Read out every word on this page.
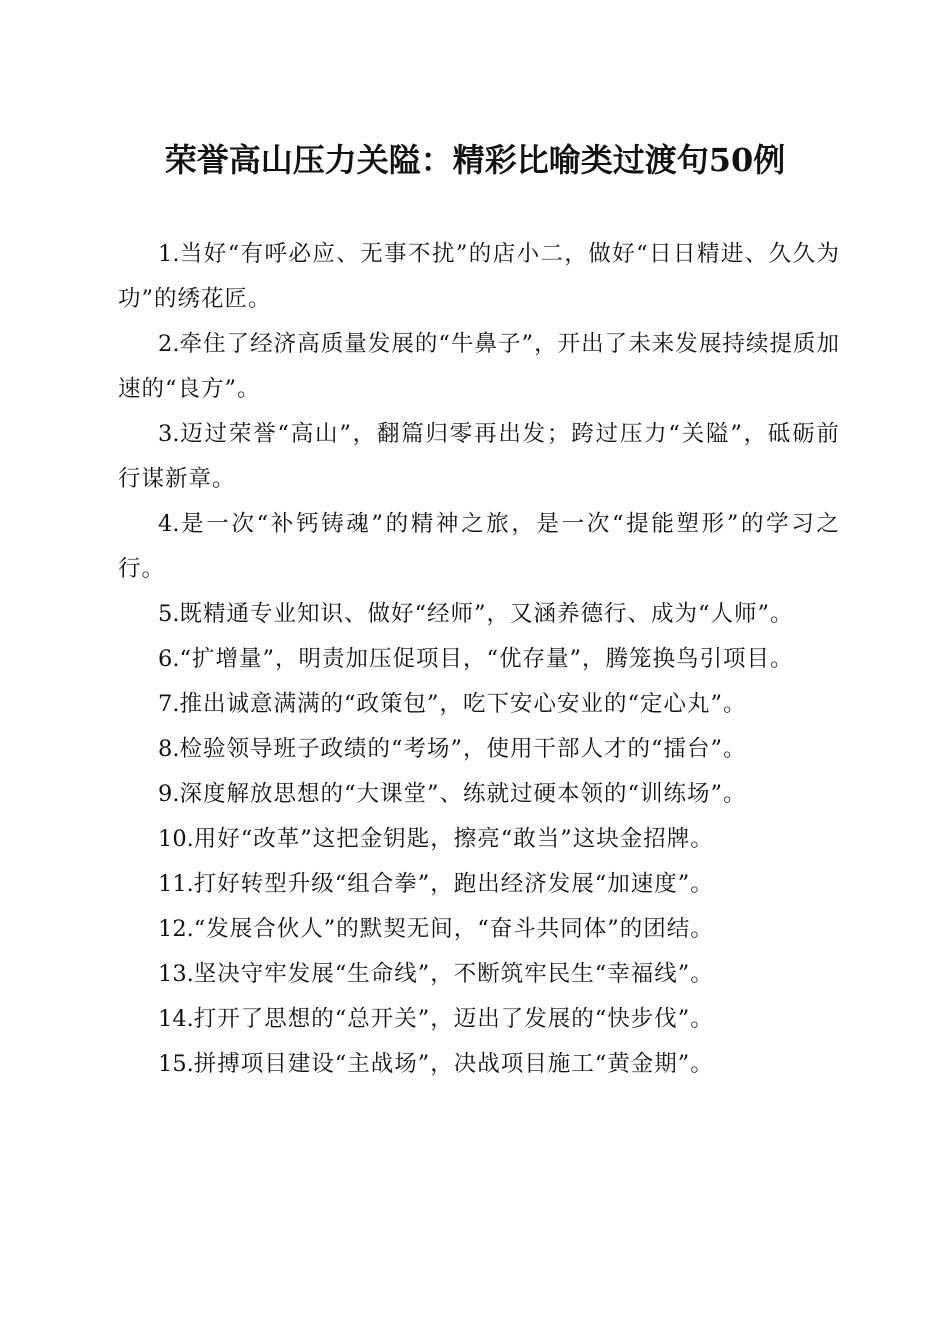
荣誉高山压力关隘：精彩比喻类过渡句50例

1.当好“有呼必应、无事不扰”的店小二，做好“日日精进、久久为功”的绣花匠。

2.牵住了经济高质量发展的“牛鼻子”，开出了未来发展持续提质加速的“良方”。

3.迈过荣誉“高山”，翻篇归零再出发；跨过压力“关隘”，砥砺前行谋新章。

4.是一次“补钙铸魂”的精神之旅，是一次“提能塑形”的学习之行。

5.既精通专业知识、做好“经师”，又涵养德行、成为“人师”。

6.“扩增量”，明责加压促项目，“优存量”，腾笼换鸟引项目。

7.推出诚意满满的“政策包”，吃下安心安业的“定心丸”。

8.检验领导班子政绩的“考场”，使用干部人才的“擂台”。

9.深度解放思想的“大课堂”、练就过硬本领的“训练场”。

10.用好“改革”这把金钥匙，擦亮“敢当”这块金招牌。

11.打好转型升级“组合拳”，跑出经济发展“加速度”。

12.“发展合伙人”的默契无间，“奋斗共同体”的团结。

13.坚决守牢发展“生命线”，不断筑牢民生“幸福线”。

14.打开了思想的“总开关”，迈出了发展的“快步伐”。

15.拼搏项目建设“主战场”，决战项目施工“黄金期”。
